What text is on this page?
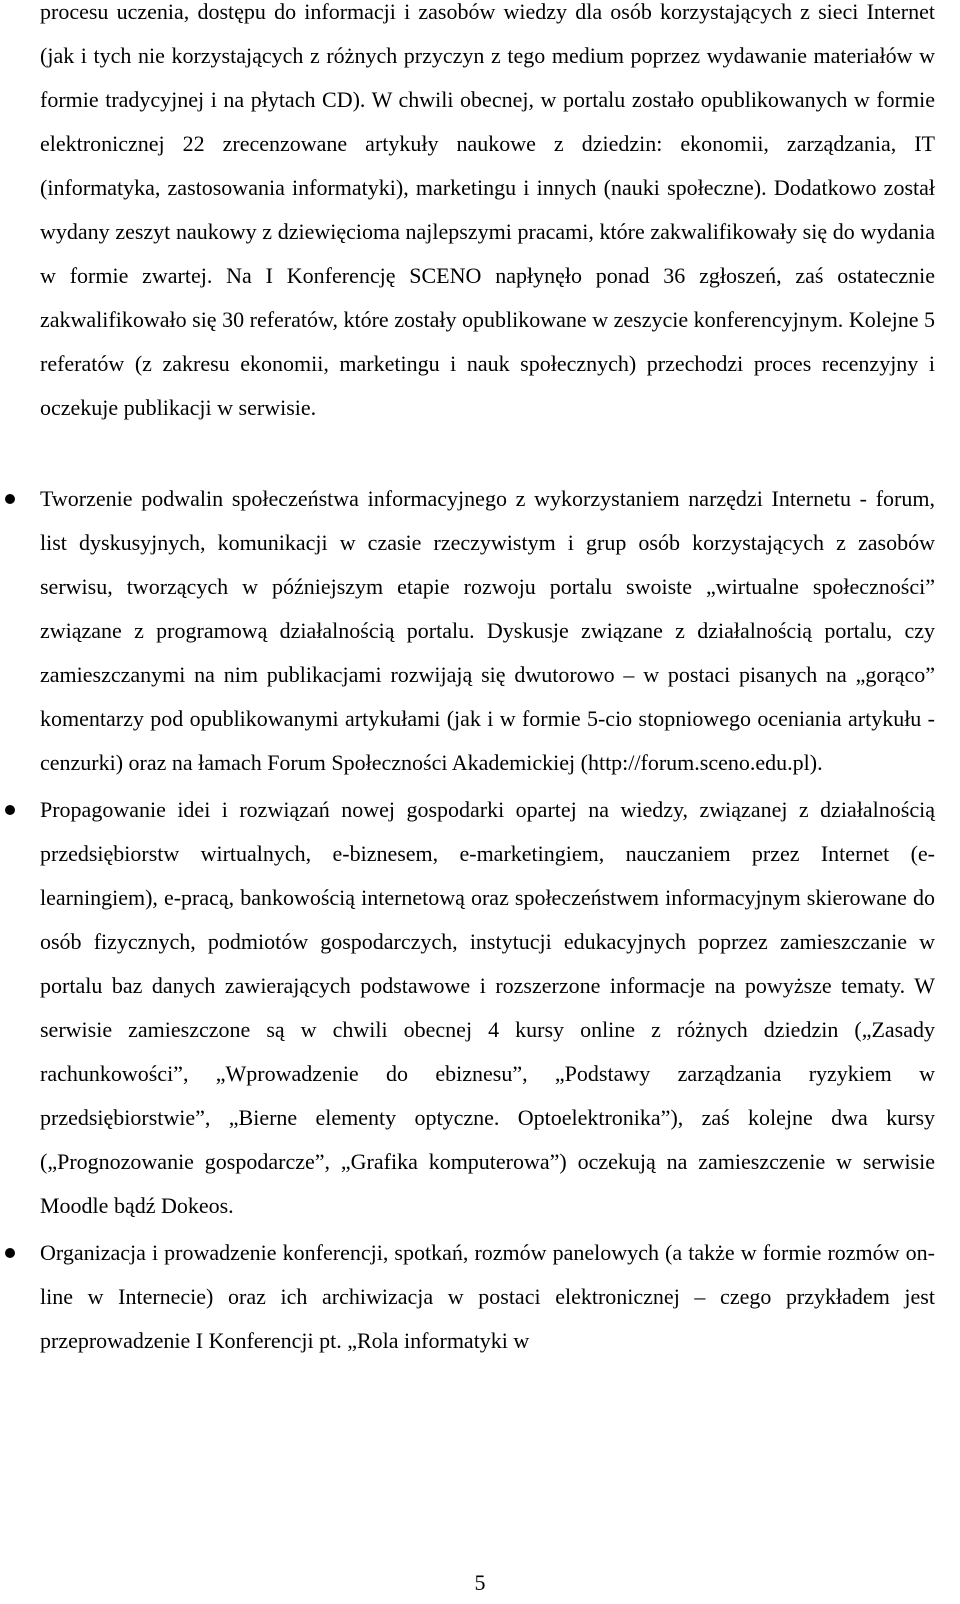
procesu uczenia, dostępu do informacji i zasobów wiedzy dla osób korzystających z sieci Internet (jak i tych nie korzystających z różnych przyczyn z tego medium poprzez wydawanie materiałów w formie tradycyjnej i na płytach CD). W chwili obecnej, w portalu zostało opublikowanych w formie elektronicznej 22 zrecenzowane artykuły naukowe z dziedzin: ekonomii, zarządzania, IT (informatyka, zastosowania informatyki), marketingu i innych (nauki społeczne). Dodatkowo został wydany zeszyt naukowy z dziewięcioma najlepszymi pracami, które zakwalifikowały się do wydania w formie zwartej. Na I Konferencję SCENO napłynęło ponad 36 zgłoszeń, zaś ostatecznie zakwalifikowało się 30 referatów, które zostały opublikowane w zeszycie konferencyjnym. Kolejne 5 referatów (z zakresu ekonomii, marketingu i nauk społecznych) przechodzi proces recenzyjny i oczekuje publikacji w serwisie.

Tworzenie podwalin społeczeństwa informacyjnego z wykorzystaniem narzędzi Internetu - forum, list dyskusyjnych, komunikacji w czasie rzeczywistym i grup osób korzystających z zasobów serwisu, tworzących w późniejszym etapie rozwoju portalu swoiste „wirtualne społeczności” związane z programową działalnością portalu. Dyskusje związane z działalnością portalu, czy zamieszczanymi na nim publikacjami rozwijają się dwutorowo – w postaci pisanych na „gorąco” komentarzy pod opublikowanymi artykułami (jak i w formie 5-cio stopniowego oceniania artykułu - cenzurki) oraz na łamach Forum Społeczności Akademickiej (http://forum.sceno.edu.pl).
Propagowanie idei i rozwiązań nowej gospodarki opartej na wiedzy, związanej z działalnością przedsiębiorstw wirtualnych, e-biznesem, e-marketingiem, nauczaniem przez Internet (e-learningiem), e-pracą, bankowością internetową oraz społeczeństwem informacyjnym skierowane do osób fizycznych, podmiotów gospodarczych, instytucji edukacyjnych poprzez zamieszczanie w portalu baz danych zawierających podstawowe i rozszerzone informacje na powyższe tematy. W serwisie zamieszczone są w chwili obecnej 4 kursy online z różnych dziedzin („Zasady rachunkowości”, „Wprowadzenie do ebiznesu”, „Podstawy zarządzania ryzykiem w przedsiębiorstwie”, „Bierne elementy optyczne. Optoelektronika”), zaś kolejne dwa kursy („Prognozowanie gospodarcze”, „Grafika komputerowa”) oczekują na zamieszczenie w serwisie Moodle bądź Dokeos.
Organizacja i prowadzenie konferencji, spotkań, rozmów panelowych (a także w formie rozmów on-line w Internecie) oraz ich archiwizacja w postaci elektronicznej – czego przykładem jest przeprowadzenie I Konferencji pt. „Rola informatyki w
5
